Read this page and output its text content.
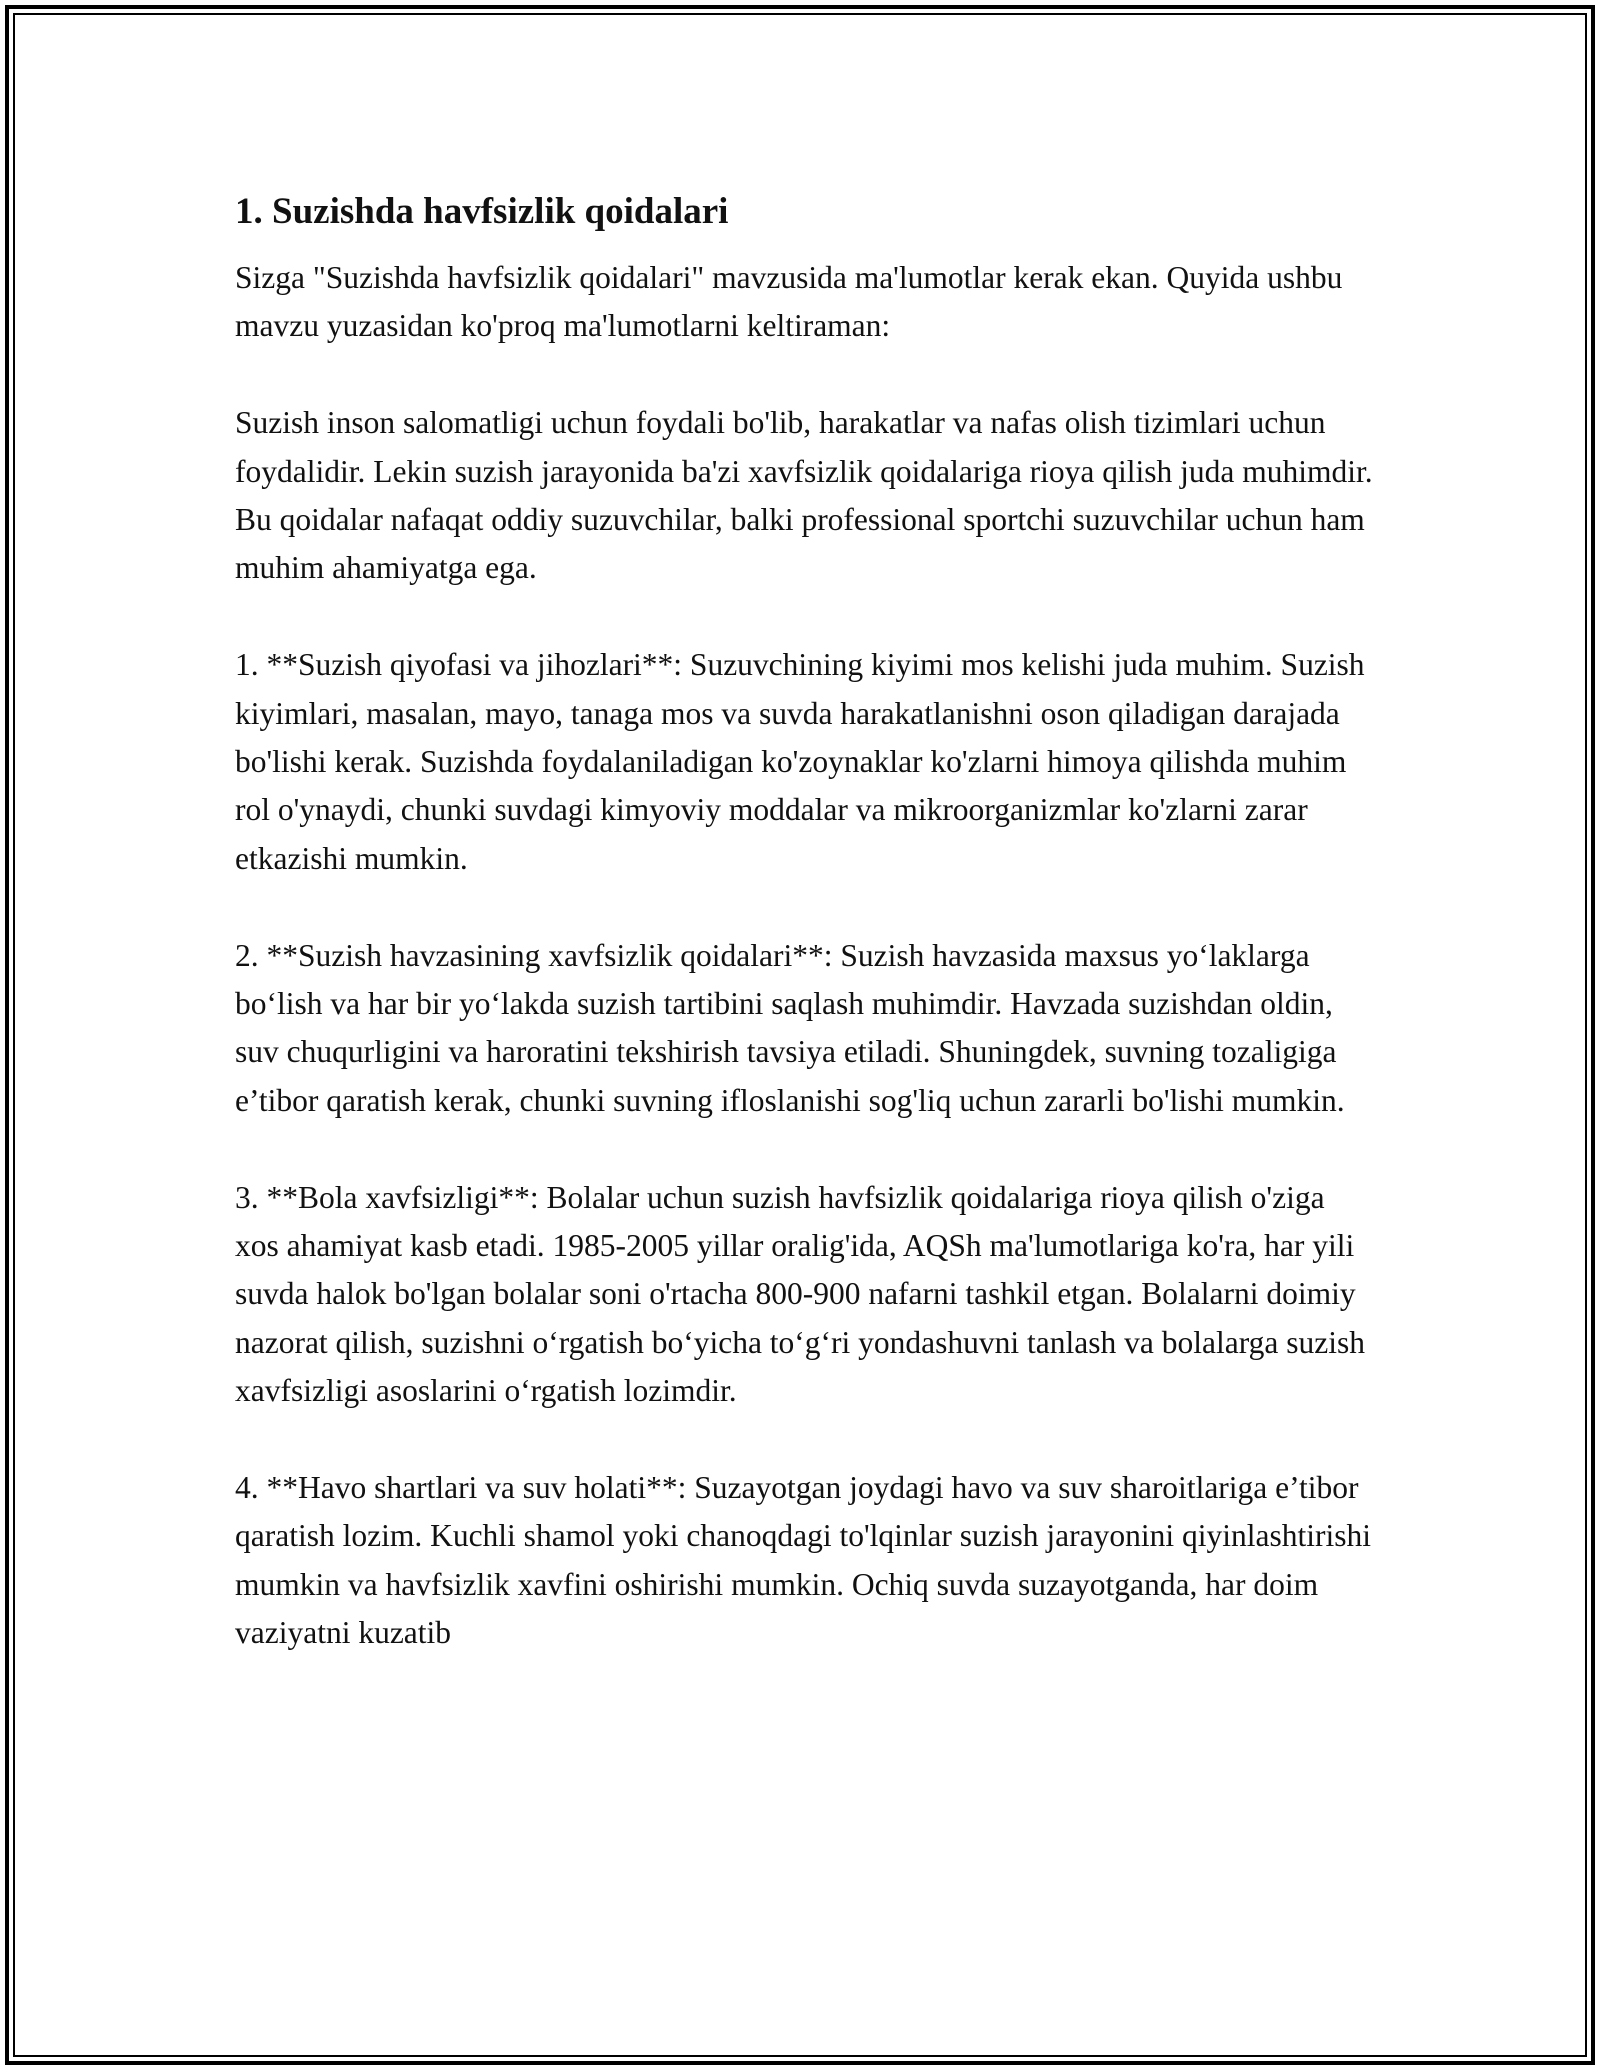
1. Suzishda havfsizlik qoidalari

Sizga "Suzishda havfsizlik qoidalari" mavzusida ma'lumotlar kerak ekan. Quyida ushbu mavzu yuzasidan ko'proq ma'lumotlarni keltiraman:

Suzish inson salomatligi uchun foydali bo'lib, harakatlar va nafas olish tizimlari uchun foydalidir. Lekin suzish jarayonida ba'zi xavfsizlik qoidalariga rioya qilish juda muhimdir. Bu qoidalar nafaqat oddiy suzuvchilar, balki professional sportchi suzuvchilar uchun ham muhim ahamiyatga ega.

1. **Suzish qiyofasi va jihozlari**: Suzuvchining kiyimi mos kelishi juda muhim. Suzish kiyimlari, masalan, mayo, tanaga mos va suvda harakatlanishni oson qiladigan darajada bo'lishi kerak. Suzishda foydalaniladigan ko'zoynaklar ko'zlarni himoya qilishda muhim rol o'ynaydi, chunki suvdagi kimyoviy moddalar va mikroorganizmlar ko'zlarni zarar etkazishi mumkin.

2. **Suzish havzasining xavfsizlik qoidalari**: Suzish havzasida maxsus yo‘laklarga bo‘lish va har bir yo‘lakda suzish tartibini saqlash muhimdir. Havzada suzishdan oldin, suv chuqurligini va haroratini tekshirish tavsiya etiladi. Shuningdek, suvning tozaligiga e’tibor qaratish kerak, chunki suvning ifloslanishi sog'liq uchun zararli bo'lishi mumkin.

3. **Bola xavfsizligi**: Bolalar uchun suzish havfsizlik qoidalariga rioya qilish o'ziga xos ahamiyat kasb etadi. 1985-2005 yillar oralig'ida, AQSh ma'lumotlariga ko'ra, har yili suvda halok bo'lgan bolalar soni o'rtacha 800-900 nafarni tashkil etgan. Bolalarni doimiy nazorat qilish, suzishni o‘rgatish bo‘yicha to‘g‘ri yondashuvni tanlash va bolalarga suzish xavfsizligi asoslarini o‘rgatish lozimdir.

4. **Havo shartlari va suv holati**: Suzayotgan joydagi havo va suv sharoitlariga e’tibor qaratish lozim. Kuchli shamol yoki chanoqdagi to'lqinlar suzish jarayonini qiyinlashtirishi mumkin va havfsizlik xavfini oshirishi mumkin. Ochiq suvda suzayotganda, har doim vaziyatni kuzatib
